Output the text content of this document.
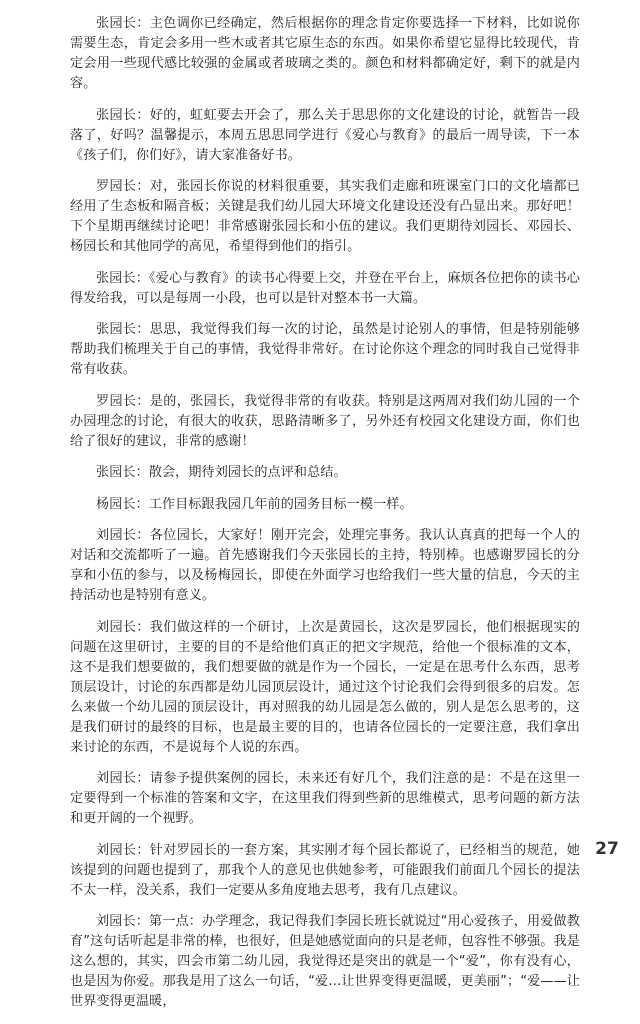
张园长：主色调你已经确定，然后根据你的理念肯定你要选择一下材料，比如说你需要生态，肯定会多用一些木或者其它原生态的东西。如果你希望它显得比较现代，肯定会用一些现代感比较强的金属或者玻璃之类的。颜色和材料都确定好，剩下的就是内容。

张园长：好的，虹虹要去开会了，那么关于思思你的文化建设的讨论，就暂告一段落了，好吗？温馨提示，本周五思思同学进行《爱心与教育》的最后一周导读，下一本《孩子们，你们好》，请大家准备好书。

罗园长：对，张园长你说的材料很重要，其实我们走廊和班课室门口的文化墙都已经用了生态板和隔音板；关键是我们幼儿园大环境文化建设还没有凸显出来。那好吧！下个星期再继续讨论吧！非常感谢张园长和小伍的建议。我们更期待刘园长、邓园长、杨园长和其他同学的高见，希望得到他们的指引。

张园长：《爱心与教育》的读书心得要上交，并登在平台上，麻烦各位把你的读书心得发给我，可以是每周一小段，也可以是针对整本书一大篇。

张园长：思思，我觉得我们每一次的讨论，虽然是讨论别人的事情，但是特别能够帮助我们梳理关于自己的事情，我觉得非常好。在讨论你这个理念的同时我自己觉得非常有收获。

罗园长：是的，张园长，我觉得非常的有收获。特别是这两周对我们幼儿园的一个办园理念的讨论，有很大的收获，思路清晰多了，另外还有校园文化建设方面，你们也给了很好的建议，非常的感谢！

张园长：散会，期待刘园长的点评和总结。

杨园长：工作目标跟我园几年前的园务目标一模一样。

刘园长：各位园长，大家好！刚开完会，处理完事务。我认认真真的把每一个人的对话和交流都听了一遍。首先感谢我们今天张园长的主持，特别棒。也感谢罗园长的分享和小伍的参与，以及杨梅园长，即使在外面学习也给我们一些大量的信息，今天的主持活动也是特别有意义。

刘园长：我们做这样的一个研讨，上次是黄园长，这次是罗园长，他们根据现实的问题在这里研讨，主要的目的不是给他们真正的把文字规范，给他一个很标准的文本，这不是我们想要做的，我们想要做的就是作为一个园长，一定是在思考什么东西，思考顶层设计，讨论的东西都是幼儿园顶层设计，通过这个讨论我们会得到很多的启发。怎么来做一个幼儿园的顶层设计，再对照我的幼儿园是怎么做的，别人是怎么思考的，这是我们研讨的最终的目标，也是最主要的目的，也请各位园长的一定要注意，我们拿出来讨论的东西，不是说每个人说的东西。

刘园长：请参予提供案例的园长，未来还有好几个，我们注意的是：不是在这里一定要得到一个标准的答案和文字，在这里我们得到些新的思维模式，思考问题的新方法和更开阔的一个视野。

刘园长：针对罗园长的一套方案，其实刚才每个园长都说了，已经相当的规范，她该提到的问题也提到了，那我个人的意见也供她参考，可能跟我们前面几个园长的提法不太一样，没关系，我们一定要从多角度地去思考，我有几点建议。

刘园长：第一点：办学理念，我记得我们李园长班长就说过“用心爱孩子，用爱做教育”这句话听起是非常的棒，也很好，但是她感觉面向的只是老师，包容性不够强。我是这么想的，其实，四会市第二幼儿园，我觉得还是突出的就是一个“爱”，你有没有心，也是因为你爱。那我是用了这么一句话，“爱…让世界变得更温暖，更美丽”；“爱——让世界变得更温暖，

27
